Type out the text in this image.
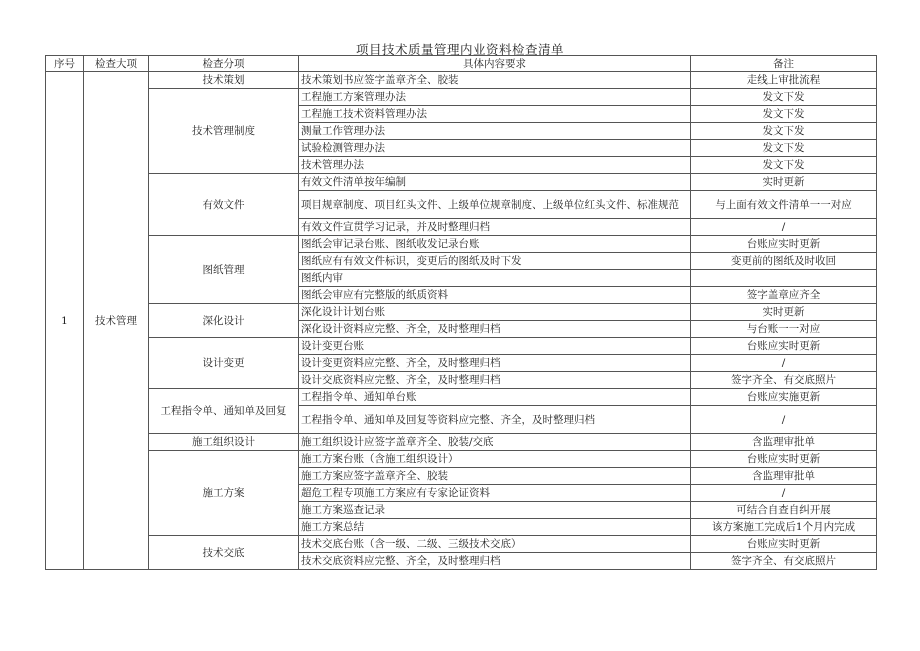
项目技术质量管理内业资料检查清单
序号	检查大项	检查分项	具体内容要求	备注
1	技术管理	技术策划	技术策划书应签字盖章齐全、胶装	走线上审批流程
		技术管理制度	工程施工方案管理办法	发文下发
			工程施工技术资料管理办法	发文下发
			测量工作管理办法	发文下发
			试验检测管理办法	发文下发
			技术管理办法	发文下发
		有效文件	有效文件清单按年编制	实时更新
			项目规章制度、项目红头文件、上级单位规章制度、上级单位红头文件、标准规范	与上面有效文件清单一一对应
			有效文件宣贯学习记录，并及时整理归档	/
		图纸管理	图纸会审记录台账、图纸收发记录台账	台账应实时更新
			图纸应有有效文件标识，变更后的图纸及时下发	变更前的图纸及时收回
			图纸内审	
			图纸会审应有完整版的纸质资料	签字盖章应齐全
		深化设计	深化设计计划台账	实时更新
			深化设计资料应完整、齐全，及时整理归档	与台账一一对应
		设计变更	设计变更台账	台账应实时更新
			设计变更资料应完整、齐全，及时整理归档	/
			设计交底资料应完整、齐全，及时整理归档	签字齐全、有交底照片
		工程指令单、通知单及回复	工程指令单、通知单台账	台账应实施更新
			工程指令单、通知单及回复等资料应完整、齐全，及时整理归档	/
		施工组织设计	施工组织设计应签字盖章齐全、胶装/交底	含监理审批单
		施工方案	施工方案台账（含施工组织设计）	台账应实时更新
			施工方案应签字盖章齐全、胶装	含监理审批单
			超危工程专项施工方案应有专家论证资料	/
			施工方案巡查记录	可结合自查自纠开展
			施工方案总结	该方案施工完成后1个月内完成
		技术交底	技术交底台账（含一级、二级、三级技术交底）	台账应实时更新
			技术交底资料应完整、齐全，及时整理归档	签字齐全、有交底照片
